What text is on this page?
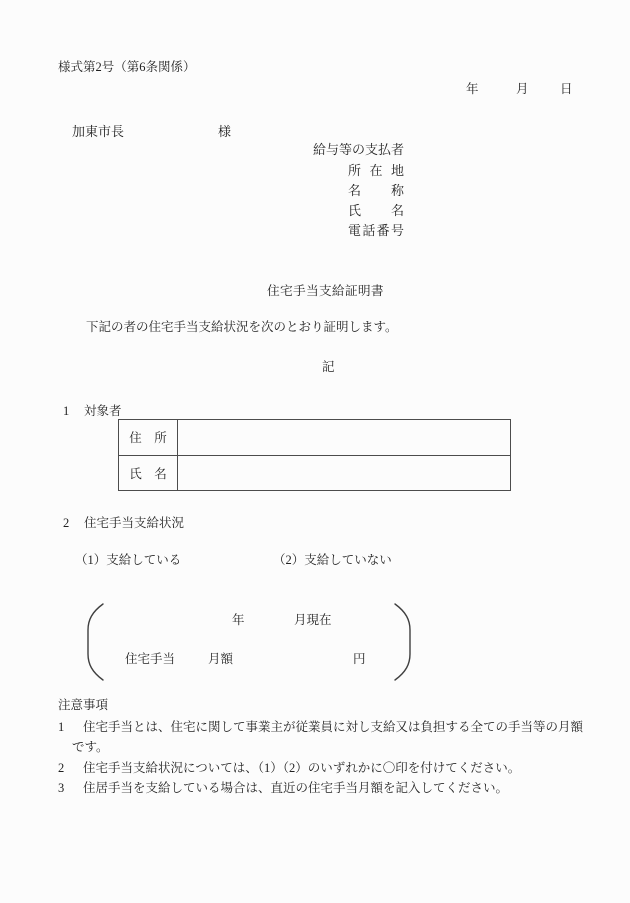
様式第2号（第6条関係）
年	月	日
加東市長	様
給与等の支払者
所在地
名称
氏名
電話番号
住宅手当支給証明書
下記の者の住宅手当支給状況を次のとおり証明します。
記
1 対象者
住　所
氏　名
2 住宅手当支給状況
（1）支給している	（2）支給していない
年	月現在
住宅手当	月額	円
注意事項
1 住宅手当とは、住宅に関して事業主が従業員に対し支給又は負担する全ての手当等の月額
です。
2 住宅手当支給状況については、（1）（2）のいずれかに〇印を付けてください。
3 住居手当を支給している場合は、直近の住宅手当月額を記入してください。
